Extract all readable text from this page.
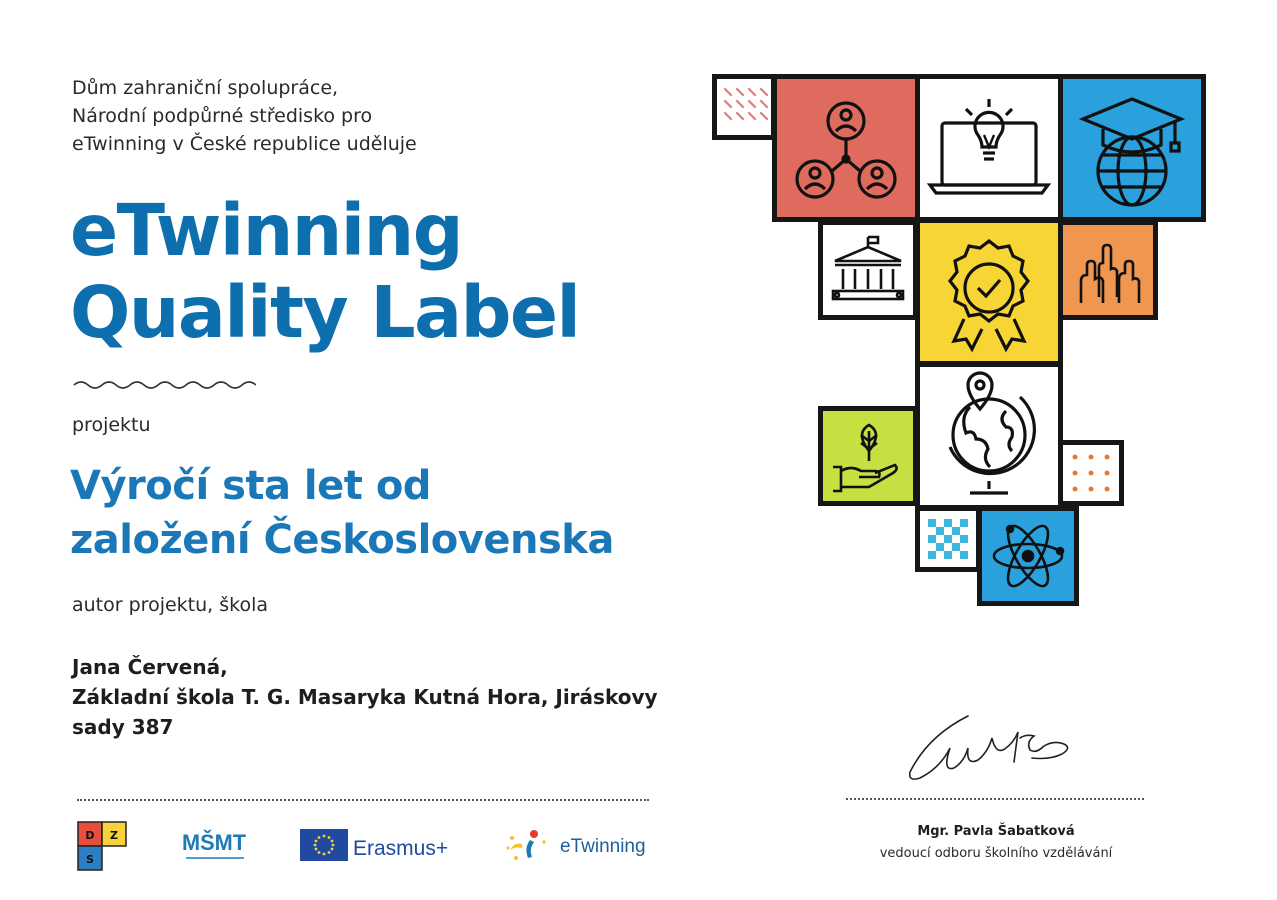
Dům zahraniční spolupráce,
Národní podpůrné středisko pro
eTwinning v České republice uděluje
eTwinning
Quality Label
projektu
Výročí sta let od
založení Československa
autor projektu, škola
Jana Červená,
Základní škola T. G. Masaryka Kutná Hora, Jiráskovy
sady 387
D Z
S
MŠMT	Erasmus+	eTwinning
Mgr. Pavla Šabatková
vedoucí odboru školního vzdělávání
